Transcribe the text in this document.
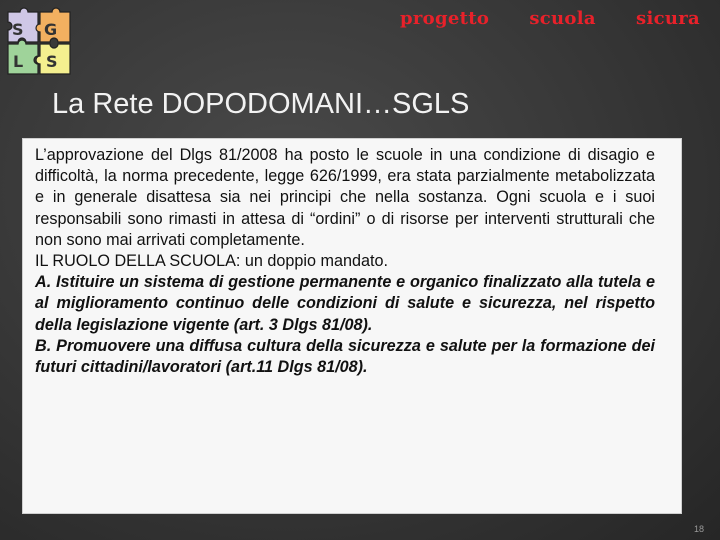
S G
L S
progetto scuola sicura
La Rete DOPODOMANI…SGLS

L’approvazione del Dlgs 81/2008 ha posto le scuole in una condizione di disagio e difficoltà, la norma precedente, legge 626/1999, era stata parzialmente metabolizzata e in generale disattesa sia nei principi che nella sostanza. Ogni scuola e i suoi responsabili sono rimasti in attesa di “ordini” o di risorse per interventi strutturali che non sono mai arrivati completamente.

IL RUOLO DELLA SCUOLA: un doppio mandato.

A. Istituire un sistema di gestione permanente e organico finalizzato alla tutela e al miglioramento continuo delle condizioni di salute e sicurezza, nel rispetto della legislazione vigente (art. 3 Dlgs 81/08).

B. Promuovere una diffusa cultura della sicurezza e salute per la formazione dei futuri cittadini/lavoratori (art.11 Dlgs 81/08).

18
